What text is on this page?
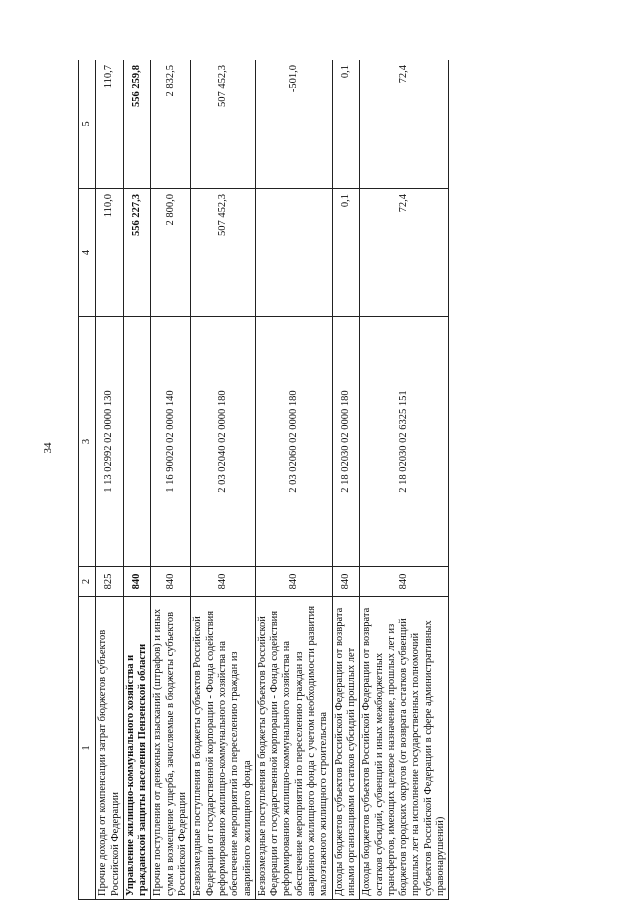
34
1	2	3	4	5
Прочие доходы от компенсации затрат бюджетов субъектов Российской Федерации	825	1 13 02992 02 0000 130	110,0	110,7
Управление жилищно-коммунального хозяйства и гражданской защиты населения Пензенской области	840		556 227,3	556 259,8
Прочие поступления от денежных взысканий (штрафов) и иных сумм в возмещение ущерба, зачисляемые в бюджеты субъектов Российской Федерации	840	1 16 90020 02 0000 140	2 800,0	2 832,5
Безвозмездные поступления в бюджеты субъектов Российской Федерации от государственной корпорации - Фонда содействия реформированию жилищно-коммунального хозяйства на обеспечение мероприятий по переселению граждан из аварийного жилищного фонда	840	2 03 02040 02 0000 180	507 452,3	507 452,3
Безвозмездные поступления в бюджеты субъектов Российской Федерации от государственной корпорации - Фонда содействия реформированию жилищно-коммунального хозяйства на обеспечение мероприятий по переселению граждан из аварийного жилищного фонда с учетом необходимости развития малоэтажного жилищного строительства	840	2 03 02060 02 0000 180		-501,0
Доходы бюджетов субъектов Российской Федерации от возврата иными организациями остатков субсидий прошлых лет	840	2 18 02030 02 0000 180	0,1	0,1
Доходы бюджетов субъектов Российской Федерации от возврата остатков субсидий, субвенций и иных межбюджетных трансфертов, имеющих целевое назначение, прошлых лет из бюджетов городских округов (от возврата остатков субвенций прошлых лет на исполнение государственных полномочий субъектов Российской Федерации в сфере административных правонарушений)	840	2 18 02030 02 6325 151	72,4	72,4
